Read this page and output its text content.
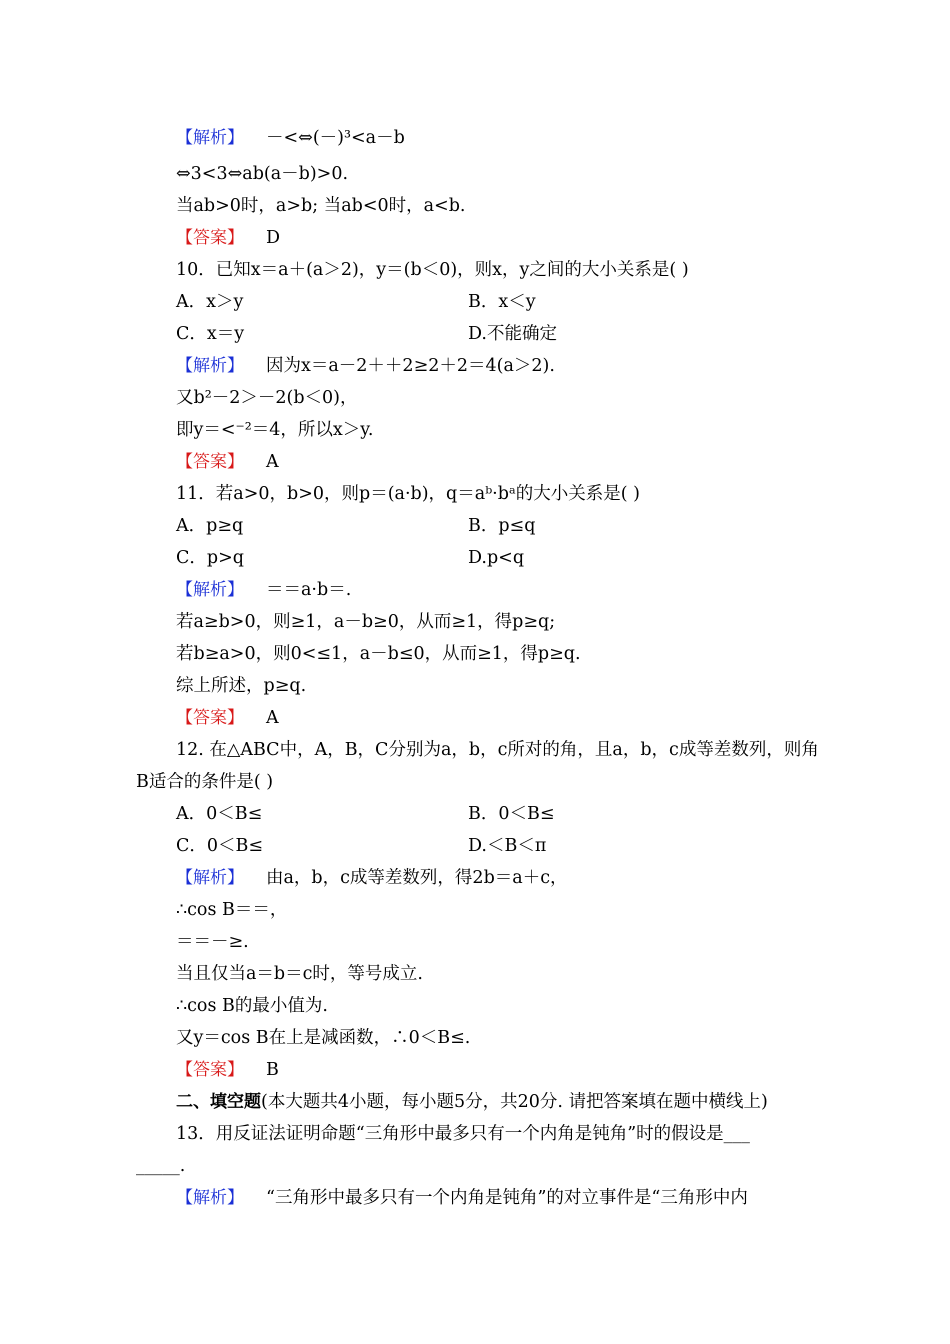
【解析】 －<⇔(－)³<a－b
⇔3<3⇔ab(a－b)>0.
当ab>0时，a>b; 当ab<0时，a<b.
【答案】 D
10．已知x＝a＋(a＞2)，y＝(b＜0)，则x，y之间的大小关系是( )
A．x＞y	B．x＜y
C．x＝y	D.不能确定
【解析】 因为x＝a－2＋＋2≥2＋2＝4(a＞2).
又b²－2＞－2(b＜0)，
即y＝<⁻²＝4，所以x＞y.
【答案】 A
11．若a>0，b>0，则p＝(a·b)，q＝aᵇ·bᵃ的大小关系是( )
A．p≥q	B．p≤q
C．p>q	D.p<q
【解析】 ＝＝a·b＝.
若a≥b>0，则≥1，a－b≥0，从而≥1，得p≥q;
若b≥a>0，则0<≤1，a－b≤0，从而≥1，得p≥q.
综上所述，p≥q.
【答案】 A
12. 在△ABC中，A，B，C分别为a，b，c所对的角，且a，b，c成等差数列，则角
B适合的条件是( )
A．0＜B≤	B．0＜B≤
C．0＜B≤	D.＜B＜π
【解析】 由a，b，c成等差数列，得2b＝a＋c，
∴cos B＝＝，
＝＝－≥.
当且仅当a＝b＝c时，等号成立.
∴cos B的最小值为.
又y＝cos B在上是减函数，∴0＜B≤.
【答案】 B
二、填空题(本大题共4小题，每小题5分，共20分. 请把答案填在题中横线上)
13．用反证法证明命题“三角形中最多只有一个内角是钝角”时的假设是___
_____.
【解析】 “三角形中最多只有一个内角是钝角”的对立事件是“三角形中内
